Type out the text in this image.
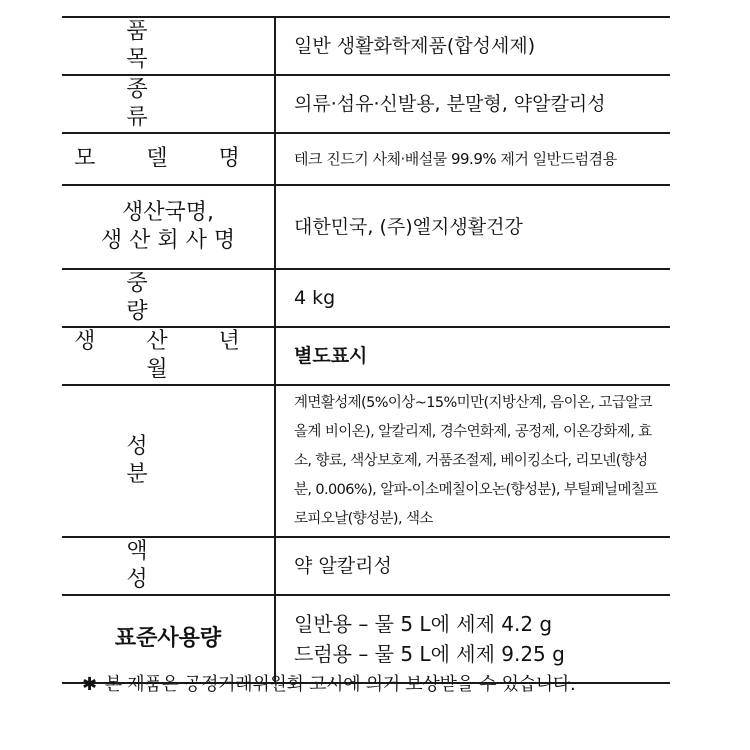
품 목	일반 생활화학제품(합성세제)
종 류	의류·섬유·신발용, 분말형, 약알칼리성
모 델 명	테크 진드기 사체·배설물 99.9% 제거 일반드럼겸용
생산국명,
생 산 회 사 명	대한민국, (주)엘지생활건강
중 량	4 kg
생 산 년 월	별도표시
성 분	계면활성제(5%이상~15%미만(지방산계, 음이온, 고급알코올계 비이온), 알칼리제, 경수연화제, 공정제, 이온강화제, 효소, 향료, 색상보호제, 거품조절제, 베이킹소다, 리모넨(향성분, 0.006%), 알파-이소메칠이오논(향성분), 부틸페닐메칠프로피오날(향성분), 색소
액 성	약 알칼리성
표준사용량	일반용 – 물 5 L에 세제 4.2 g
드럼용 – 물 5 L에 세제 9.25 g
✱ 본 제품은 공정거래위원회 고시에 의거 보상받을 수 있습니다.
